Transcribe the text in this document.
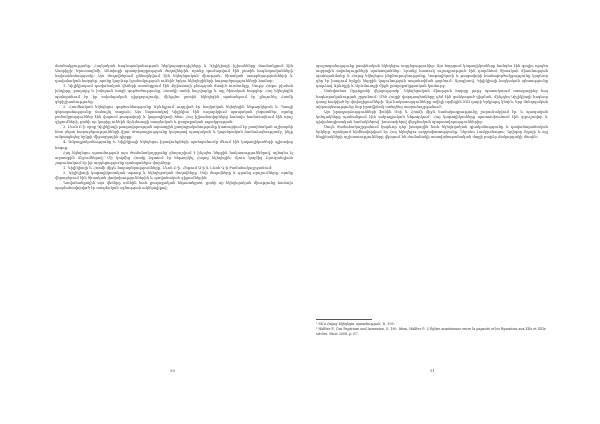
մասնակցությանը։ Հայկական հոգևորականության ներկայացուցիչները և Կիլիկիայի իշխանները մասնակցում էին Ասորիքի, Երուսաղեմի, Անտիոքի պատրիարքության ժողովներին, որոնք գումարվում էին լատին հոգևորականների նախաձեռնությամբ։ Այս ժողովներում քննարկվում էին եկեղեցական միության, ծիսական տարբերությունների և դավանական հարցեր, որոնք կարևոր նշանակություն ունեին երկու եկեղեցիների հարաբերությունների համար։

1. Կիլիկիայում դավանական վեճերի առանցքում էին Քրիստոսի բնության մասին ուսմունքը, Սուրբ Հոգու բխման խնդիրը, բաղարջ և խմորուն հացի գործածությունը, Զատկի տոնի հաշվարկը և այլ ծիսական հարցեր։ Հայ եկեղեցին պահպանում էր իր ավանդական դիրքորոշումը, մինչդեռ լատին եկեղեցին պահանջում էր ընդունել Հռոմի գերիշխանությունը։

2. Հռոմեական եկեղեցու գործունեությունը Արևելքում ուղղված էր հայկական եկեղեցին ենթարկելուն և Պապի գերագահությունը ճանաչել տալուն։ Այս նպատակով Կիլիկիա էին ուղարկվում պապական լեգատներ, որոնք բանակցություններ էին վարում թագավորի և կաթողիկոսի հետ։ Հայ իշխանավորները հաճախ համաձայնում էին որոշ զիջումների, քանի որ կարիք ունեին Արևմուտքի ռազմական և քաղաքական աջակցության։

3. Լևոն Բ-ի օրոք Կիլիկիայի թագավորության արտաքին քաղաքականությունը կառուցվում էր լատինական աշխարհի հետ սերտ հարաբերությունների վրա։ Թագադրությունը կայացավ պապական և կայսերական համաձայնությամբ, ինչը ամրապնդեց երկրի միջազգային դիրքը։

4. Ամբողջականությունը և Կիլիկիայի եկեղեցու իրավունքների պահպանումը մնում էին կաթողիկոսների գլխավոր հոգսը։

Հայ եկեղեցու պատմության այս ժամանակաշրջանը բնորոշվում է ինչպես ներքին հակասություններով, այնպես էլ արտաքին ճնշումներով։ Մի կողմից Հռոմը ձգտում էր ենթարկել Հայոց եկեղեցին, մյուս կողմից Բյուզանդիան շարունակում էր իր ազդեցությունը պահպանելու փորձերը։

1. Կիլիկիայի և Հռոմի միջև հարաբերությունները. Լևոն Բ-ի, Հեթում Ա-ի և Լևոն Գ-ի ժամանակաշրջանում։

2. Կիլիկիայի կաթողիկոսական աթոռը և եկեղեցական ժողովները. Սսի ժողովները և դրանց որոշումները, որոնք վերաբերում էին ծիսական փոփոխություններին և դավանական զիջումներին։

Դավանանքային այս վեճերը ունեին նաև քաղաքական ենթատեքստ, քանի որ եկեղեցական միությունը հաճախ պայմանավորված էր ռազմական օգնության ակնկալիքով։

պաշտպանությունը լատինական եկեղեցու ազդեցությունից։ Այս հարցում կաթողիկոսները հանդես էին գալիս որպես ազգային ավանդույթների պահապաններ։ Նրանք հատուկ ուշադրություն էին դարձնում ծիսական միասնության պահպանմանը և Հայոց եկեղեցու ինքնուրույնությանը։ Կաթողիկոսի և թագավորի համագործակցությունը կարևոր դեր էր խաղում երկրի ներքին կայունության ապահովման գործում։ Այսպիսով, Կիլիկիայի հայկական պետությունը դարձավ Արևելքի և Արևմուտքի միջև քաղաքակրթական կամուրջ։

Ստեփանոս Օրբելյանի վկայությամբ՝ եկեղեցական միության հարցը լուրջ պառակտում առաջացրեց հայ հոգևորականության շրջանում։ Մեծ Հայքի վարդապետները դեմ էին ցանկացած զիջման, մինչդեռ Կիլիկիայի հոգևոր դասը հակված էր փոխզիջումների։ Այս հակասությունները ավելի սրվեցին XIII դարի երկրորդ կեսին, երբ մոնղոլական տիրապետությունը նոր իրավիճակ ստեղծեց տարածաշրջանում։

Այս իրադարձությունների ֆոնին Սսի և Հռոմի միջև նամակագրությունը շարունակվում էր, և պապական կոնդակները պահանջում էին ամբողջական ենթարկում։ Հայ կաթողիկոսները պատասխանում էին զգուշավոր և դիվանագիտական նամակներով՝ խուսափելով վերջնական պարտավորություններից։

Սույն ժամանակաշրջանում կարևոր դեր խաղացին նաև եկեղեցական գրականությունը և դավանաբանական երկերը, որոնցում հիմնավորվում էր Հայ եկեղեցու ուղղափառությունը։ Ներսես Լամբրոնացու, Գրիգոր Տղայի և այլ հեղինակների աշխատությունները վկայում են ժամանակի աստվածաբանական մտքի բարձր մակարդակի մասին։

¹ Տե՛ս Հայոց եկեղեցու պատմություն, Ե. 195։

² Halfter P., Das Papsttum und Armenien, S. 190. Idem, Halfter P., L'Église arménienne entre la papauté et les Byzantins aux XIIe et XIIIe siècles. Paris 2008, p. 67.

50	51
